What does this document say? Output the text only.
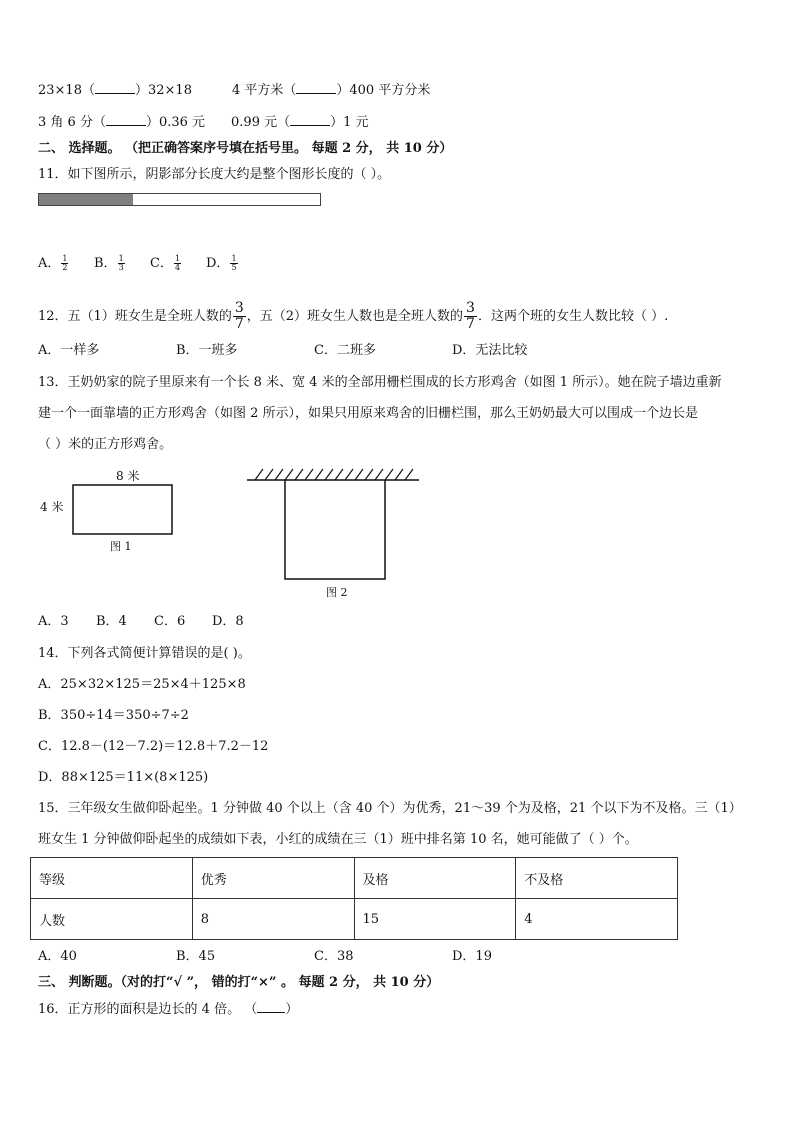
23×18（	）32×18	4 平方米（	）400 平方分米
3 角 6 分（	）0.36 元 0.99 元（	）1 元
二、 选择题。 （把正确答案序号填在括号里。 每题 2 分， 共 10 分）
11．如下图所示，阴影部分长度大约是整个图形长度的（ ）。
A． $\frac{1}{2}$ B． $\frac{1}{3}$ C． $\frac{1}{4}$ D． $\frac{1}{5}$
12．五（1）班女生是全班人数的 $\frac{3}{7}$ ，五（2）班女生人数也是全班人数的 $\frac{3}{7}$ ．这两个班的女生人数比较（ ）.
A．一样多	B．一班多	C．二班多	D．无法比较
13．王奶奶家的院子里原来有一个长 8 米、宽 4 米的全部用栅栏围成的长方形鸡舍（如图 1 所示）。她在院子墙边重新
建一个一面靠墙的正方形鸡舍（如图 2 所示），如果只用原来鸡舍的旧栅栏围，那么王奶奶最大可以围成一个边长是
（ ）米的正方形鸡舍。
8 米
4 米
图 1
图 2
A．3 B．4 C．6 D．8
14．下列各式简便计算错误的是( )。
A．25×32×125＝25×4＋125×8
B．350÷14＝350÷7÷2
C．12.8－(12－7.2)＝12.8＋7.2－12
D．88×125＝11×(8×125)
15．三年级女生做仰卧起坐。1 分钟做 40 个以上（含 40 个）为优秀，21～39 个为及格，21 个以下为不及格。三（1）
班女生 1 分钟做仰卧起坐的成绩如下表，小红的成绩在三（1）班中排名第 10 名，她可能做了（ ）个。
等级	优秀	及格	不及格
人数	8	15	4
A．40	B．45	C．38	D．19
三、 判断题。（对的打“√ ”， 错的打“×” 。 每题 2 分， 共 10 分）
16．正方形的面积是边长的 4 倍。 （ ）
